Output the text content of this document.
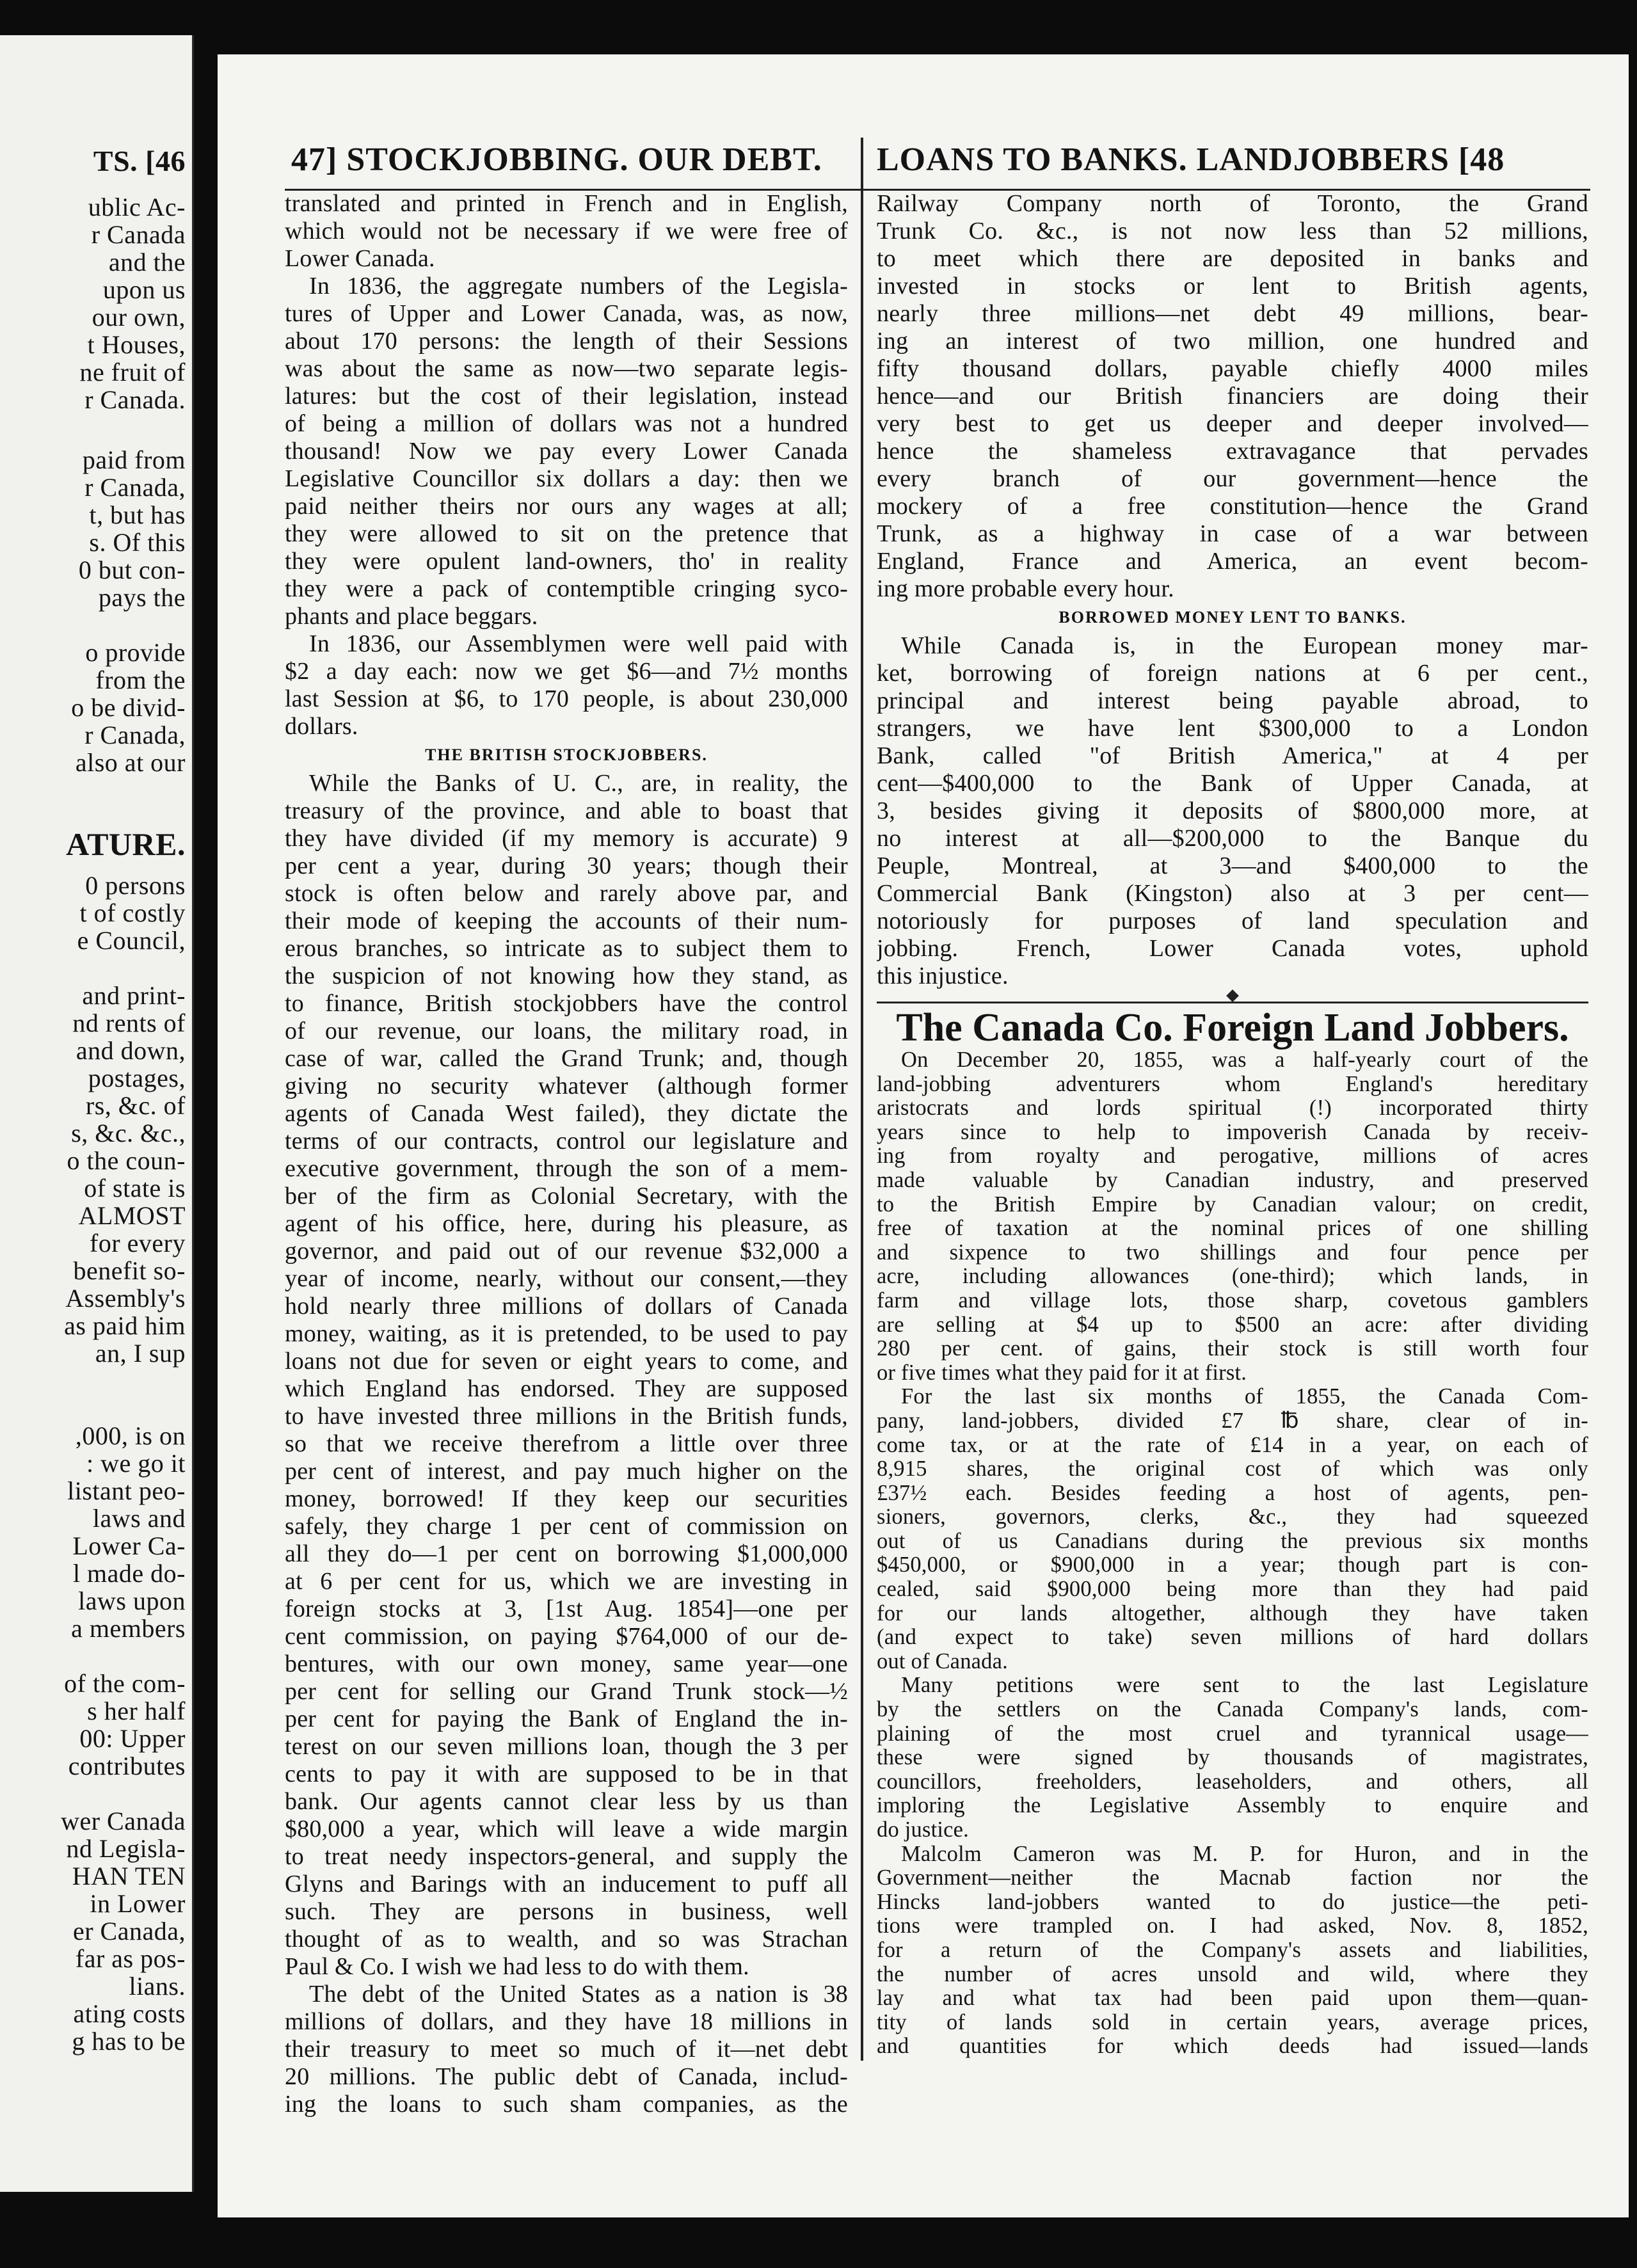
TS. [46
ATURE.
ublic Ac-
r Canada
and the
upon us
our own,
t Houses,
ne fruit of
r Canada.
paid from
r Canada,
t, but has
s. Of this
0 but con-
pays the
o provide
from the
o be divid-
r Canada,
also at our
0 persons
t of costly
e Council,
and print-
nd rents of
and down,
postages,
rs, &c. of
s, &c. &c.,
o the coun-
of state is
ALMOST
for every
benefit so-
Assembly's
as paid him
an, I sup
,000, is on
: we go it
listant peo-
laws and
Lower Ca-
l made do-
laws upon
a members
of the com-
s her half
00: Upper
contributes
wer Canada
nd Legisla-
HAN TEN
in Lower
er Canada,
far as pos-
lians.
ating costs
g has to be
47] STOCKJOBBING. OUR DEBT. LOANS TO BANKS. LANDJOBBERS [48
translated and printed in French and in English,
which would not be necessary if we were free of
Lower Canada.
In 1836, the aggregate numbers of the Legisla-
tures of Upper and Lower Canada, was, as now,
about 170 persons: the length of their Sessions
was about the same as now—two separate legis-
latures: but the cost of their legislation, instead
of being a million of dollars was not a hundred
thousand! Now we pay every Lower Canada
Legislative Councillor six dollars a day: then we
paid neither theirs nor ours any wages at all;
they were allowed to sit on the pretence that
they were opulent land-owners, tho' in reality
they were a pack of contemptible cringing syco-
phants and place beggars.
In 1836, our Assemblymen were well paid with
$2 a day each: now we get $6—and 7½ months
last Session at $6, to 170 people, is about 230,000
dollars.
THE BRITISH STOCKJOBBERS.
While the Banks of U. C., are, in reality, the
treasury of the province, and able to boast that
they have divided (if my memory is accurate) 9
per cent a year, during 30 years; though their
stock is often below and rarely above par, and
their mode of keeping the accounts of their num-
erous branches, so intricate as to subject them to
the suspicion of not knowing how they stand, as
to finance, British stockjobbers have the control
of our revenue, our loans, the military road, in
case of war, called the Grand Trunk; and, though
giving no security whatever (although former
agents of Canada West failed), they dictate the
terms of our contracts, control our legislature and
executive government, through the son of a mem-
ber of the firm as Colonial Secretary, with the
agent of his office, here, during his pleasure, as
governor, and paid out of our revenue $32,000 a
year of income, nearly, without our consent,—they
hold nearly three millions of dollars of Canada
money, waiting, as it is pretended, to be used to pay
loans not due for seven or eight years to come, and
which England has endorsed. They are supposed
to have invested three millions in the British funds,
so that we receive therefrom a little over three
per cent of interest, and pay much higher on the
money, borrowed! If they keep our securities
safely, they charge 1 per cent of commission on
all they do—1 per cent on borrowing $1,000,000
at 6 per cent for us, which we are investing in
foreign stocks at 3, [1st Aug. 1854]—one per
cent commission, on paying $764,000 of our de-
bentures, with our own money, same year—one
per cent for selling our Grand Trunk stock—½
per cent for paying the Bank of England the in-
terest on our seven millions loan, though the 3 per
cents to pay it with are supposed to be in that
bank. Our agents cannot clear less by us than
$80,000 a year, which will leave a wide margin
to treat needy inspectors-general, and supply the
Glyns and Barings with an inducement to puff all
such. They are persons in business, well
thought of as to wealth, and so was Strachan
Paul & Co. I wish we had less to do with them.
The debt of the United States as a nation is 38
millions of dollars, and they have 18 millions in
their treasury to meet so much of it—net debt
20 millions. The public debt of Canada, includ-
ing the loans to such sham companies, as the
Railway Company north of Toronto, the Grand
Trunk Co. &c., is not now less than 52 millions,
to meet which there are deposited in banks and
invested in stocks or lent to British agents,
nearly three millions—net debt 49 millions, bear-
ing an interest of two million, one hundred and
fifty thousand dollars, payable chiefly 4000 miles
hence—and our British financiers are doing their
very best to get us deeper and deeper involved—
hence the shameless extravagance that pervades
every branch of our government—hence the
mockery of a free constitution—hence the Grand
Trunk, as a highway in case of a war between
England, France and America, an event becom-
ing more probable every hour.
BORROWED MONEY LENT TO BANKS.
While Canada is, in the European money mar-
ket, borrowing of foreign nations at 6 per cent.,
principal and interest being payable abroad, to
strangers, we have lent $300,000 to a London
Bank, called "of British America," at 4 per
cent—$400,000 to the Bank of Upper Canada, at
3, besides giving it deposits of $800,000 more, at
no interest at all—$200,000 to the Banque du
Peuple, Montreal, at 3—and $400,000 to the
Commercial Bank (Kingston) also at 3 per cent—
notoriously for purposes of land speculation and
jobbing. French, Lower Canada votes, uphold
this injustice.
The Canada Co. Foreign Land Jobbers.
On December 20, 1855, was a half-yearly court of the
land-jobbing adventurers whom England's hereditary
aristocrats and lords spiritual (!) incorporated thirty
years since to help to impoverish Canada by receiv-
ing from royalty and perogative, millions of acres
made valuable by Canadian industry, and preserved
to the British Empire by Canadian valour; on credit,
free of taxation at the nominal prices of one shilling
and sixpence to two shillings and four pence per
acre, including allowances (one-third); which lands, in
farm and village lots, those sharp, covetous gamblers
are selling at $4 up to $500 an acre: after dividing
280 per cent. of gains, their stock is still worth four
or five times what they paid for it at first.
For the last six months of 1855, the Canada Com-
pany, land-jobbers, divided £7 ℔ share, clear of in-
come tax, or at the rate of £14 in a year, on each of
8,915 shares, the original cost of which was only
£37½ each. Besides feeding a host of agents, pen-
sioners, governors, clerks, &c., they had squeezed
out of us Canadians during the previous six months
$450,000, or $900,000 in a year; though part is con-
cealed, said $900,000 being more than they had paid
for our lands altogether, although they have taken
(and expect to take) seven millions of hard dollars
out of Canada.
Many petitions were sent to the last Legislature
by the settlers on the Canada Company's lands, com-
plaining of the most cruel and tyrannical usage—
these were signed by thousands of magistrates,
councillors, freeholders, leaseholders, and others, all
imploring the Legislative Assembly to enquire and
do justice.
Malcolm Cameron was M. P. for Huron, and in the
Government—neither the Macnab faction nor the
Hincks land-jobbers wanted to do justice—the peti-
tions were trampled on. I had asked, Nov. 8, 1852,
for a return of the Company's assets and liabilities,
the number of acres unsold and wild, where they
lay and what tax had been paid upon them—quan-
tity of lands sold in certain years, average prices,
and quantities for which deeds had issued—lands
